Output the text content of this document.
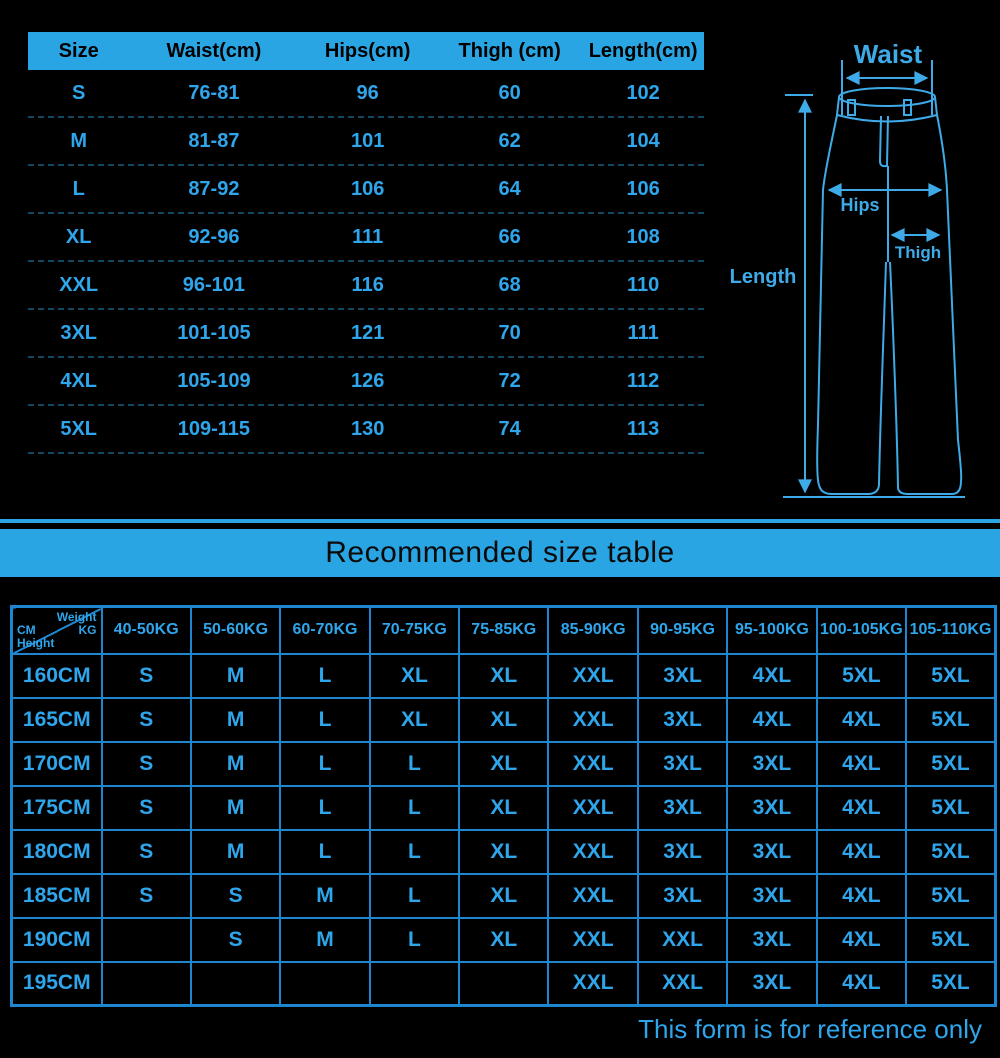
Size	Waist(cm)	Hips(cm)	Thigh (cm)	Length(cm)
S	76-81	96	60	102
M	81-87	101	62	104
L	87-92	106	64	106
XL	92-96	111	66	108
XXL	96-101	116	68	110
3XL	101-105	121	70	111
4XL	105-109	126	72	112
5XL	109-115	130	74	113
Waist
Hips
Thigh
Length
Recommended size table
Weight
KG
CM
Height	40-50KG	50-60KG	60-70KG	70-75KG	75-85KG	85-90KG	90-95KG	95-100KG	100-105KG	105-110KG
160CM	S	M	L	XL	XL	XXL	3XL	4XL	5XL	5XL
165CM	S	M	L	XL	XL	XXL	3XL	4XL	4XL	5XL
170CM	S	M	L	L	XL	XXL	3XL	3XL	4XL	5XL
175CM	S	M	L	L	XL	XXL	3XL	3XL	4XL	5XL
180CM	S	M	L	L	XL	XXL	3XL	3XL	4XL	5XL
185CM	S	S	M	L	XL	XXL	3XL	3XL	4XL	5XL
190CM		S	M	L	XL	XXL	XXL	3XL	4XL	5XL
195CM						XXL	XXL	3XL	4XL	5XL
This form is for reference only
